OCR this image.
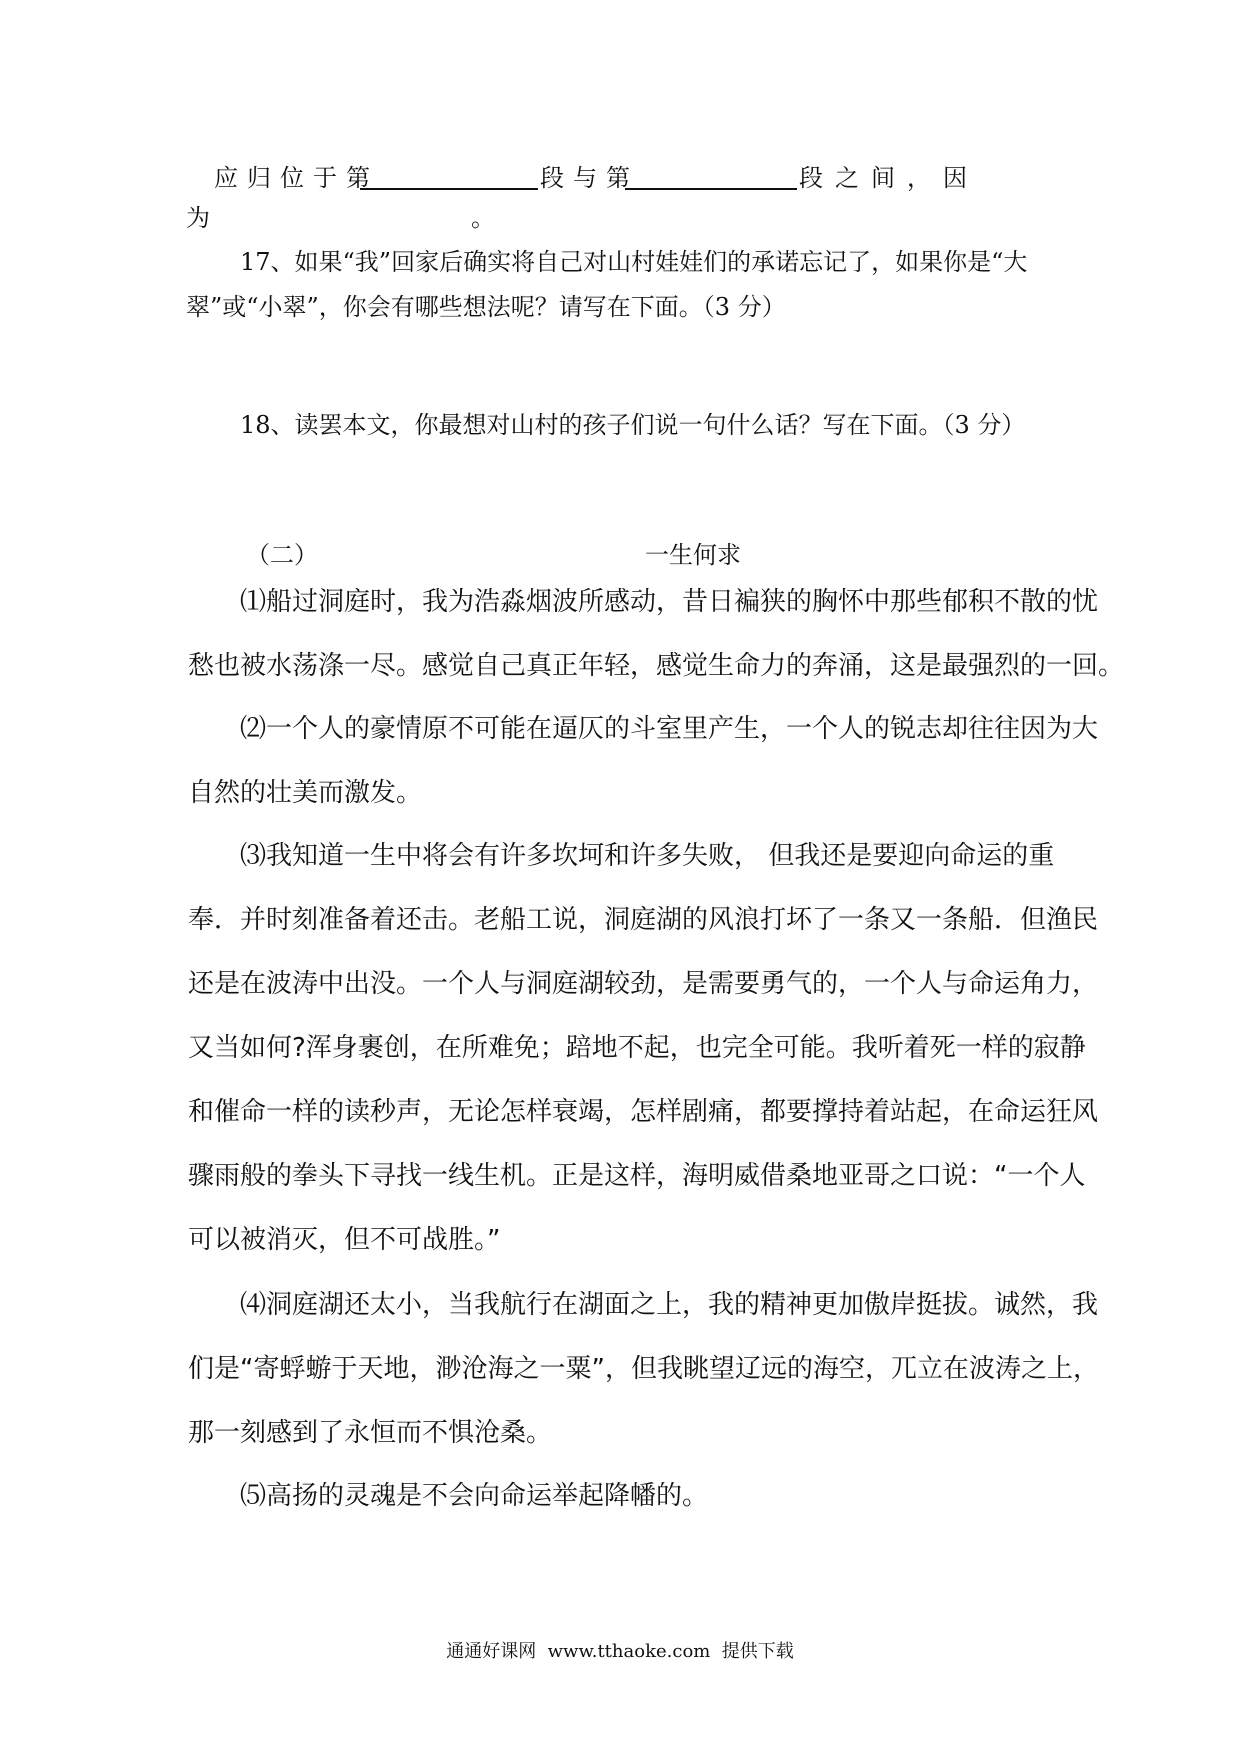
应归位于第	段与第	段之间，因
为	。
17、如果“我”回家后确实将自己对山村娃娃们的承诺忘记了，如果你是“大
翠”或“小翠”，你会有哪些想法呢？请写在下面。（3 分）
18、读罢本文，你最想对山村的孩子们说一句什么话？写在下面。（3 分）
（二）	一生何求
⑴船过洞庭时，我为浩淼烟波所感动，昔日褊狭的胸怀中那些郁积不散的忧
愁也被水荡涤一尽。感觉自己真正年轻，感觉生命力的奔涌，这是最强烈的一回。
⑵一个人的豪情原不可能在逼仄的斗室里产生，一个人的锐志却往往因为大
自然的壮美而激发。
⑶我知道一生中将会有许多坎坷和许多失败， 但我还是要迎向命运的重
奉．并时刻准备着还击。老船工说，洞庭湖的风浪打坏了一条又一条船．但渔民
还是在波涛中出没。一个人与洞庭湖较劲，是需要勇气的，一个人与命运角力，
又当如何?浑身裹创，在所难免；踣地不起，也完全可能。我听着死一样的寂静
和催命一样的读秒声，无论怎样衰竭，怎样剧痛，都要撑持着站起，在命运狂风
骤雨般的拳头下寻找一线生机。正是这样，海明威借桑地亚哥之口说：“一个人
可以被消灭，但不可战胜。”
⑷洞庭湖还太小，当我航行在湖面之上，我的精神更加傲岸挺拔。诚然，我
们是“寄蜉蝣于天地，渺沧海之一粟”，但我眺望辽远的海空，兀立在波涛之上，
那一刻感到了永恒而不惧沧桑。
⑸高扬的灵魂是不会向命运举起降幡的。
通通好课网  www.tthaoke.com  提供下载
